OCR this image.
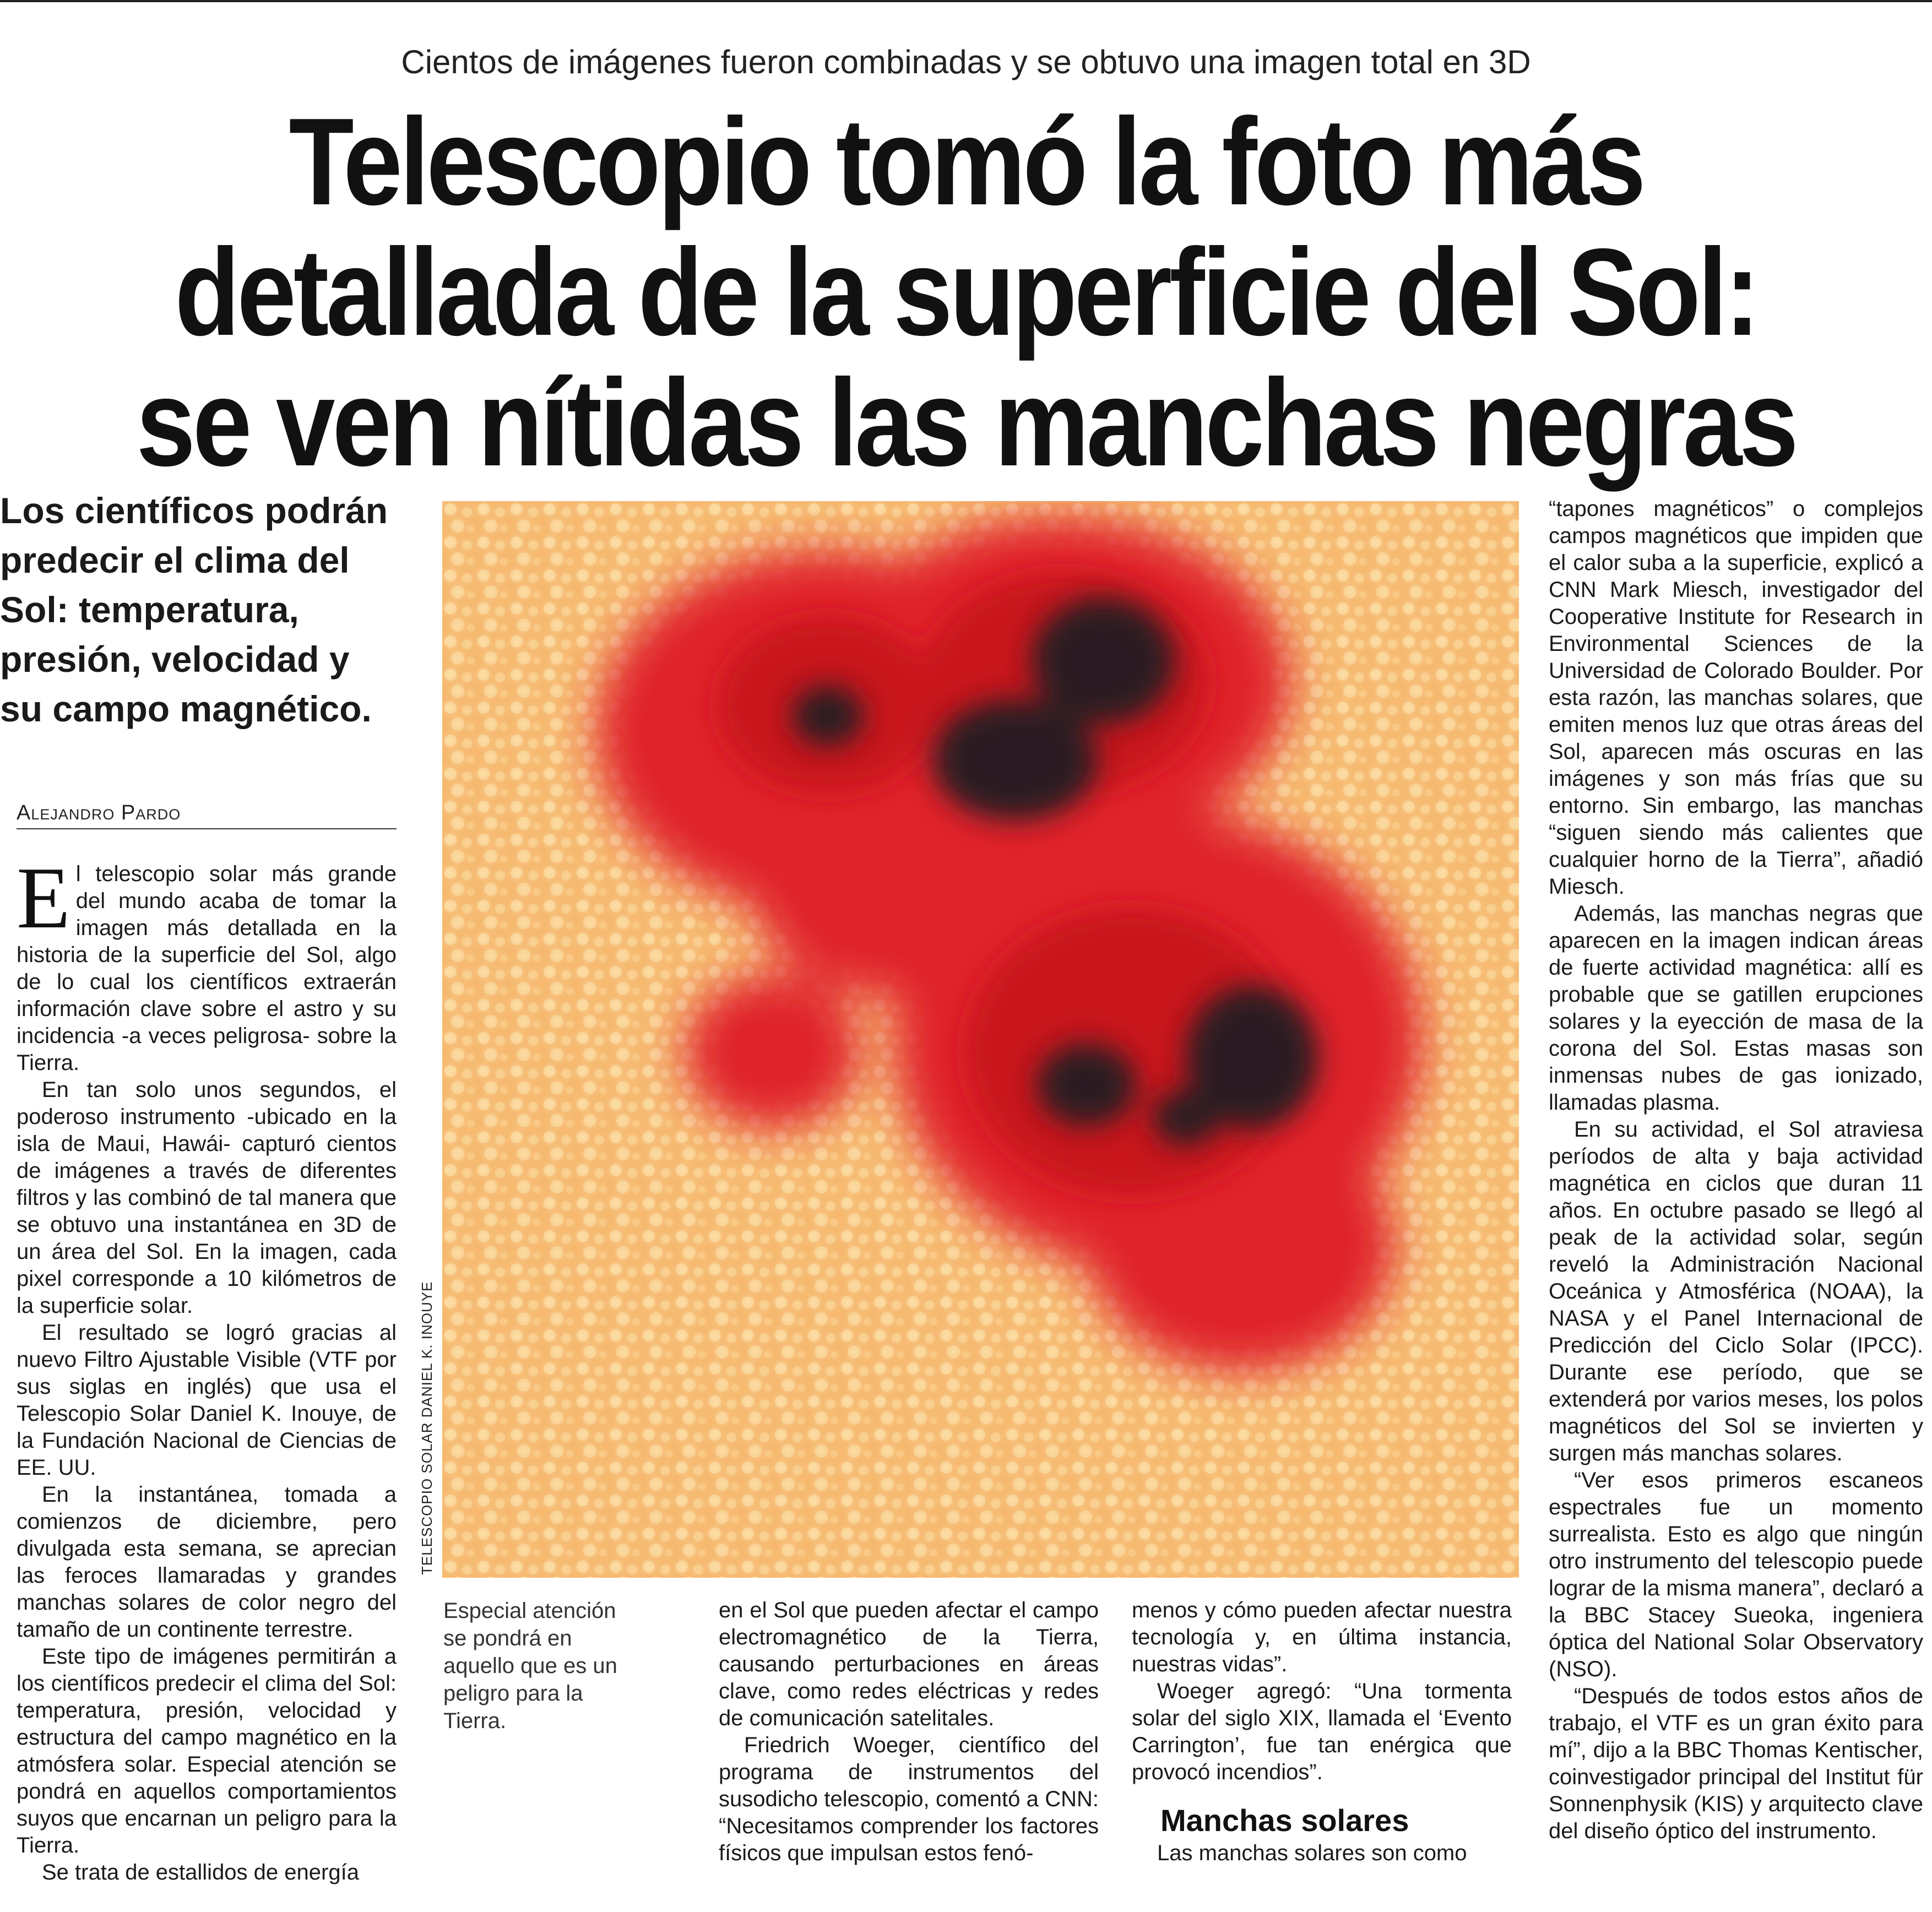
Cientos de imágenes fueron combinadas y se obtuvo una imagen total en 3D

Telescopio tomó la foto más
detallada de la superficie del Sol:
se ven nítidas las manchas negras

Los científicos podrán predecir el clima del Sol: temperatura, presión, velocidad y su campo magnético.

Alejandro Pardo

El telescopio solar más grande del mundo acaba de tomar la imagen más detallada en la historia de la superficie del Sol, algo de lo cual los científicos extraerán información clave sobre el astro y su incidencia -a veces peligrosa- sobre la Tierra.

En tan solo unos segundos, el poderoso instrumento -ubicado en la isla de Maui, Hawái- capturó cientos de imágenes a través de diferentes filtros y las combinó de tal manera que se obtuvo una instantánea en 3D de un área del Sol. En la imagen, cada pixel corresponde a 10 kilómetros de la superficie solar.

El resultado se logró gracias al nuevo Filtro Ajustable Visible (VTF por sus siglas en inglés) que usa el Telescopio Solar Daniel K. Inouye, de la Fundación Nacional de Ciencias de EE. UU.

En la instantánea, tomada a comienzos de diciembre, pero divulgada esta semana, se aprecian las feroces llamaradas y grandes manchas solares de color negro del tamaño de un continente terrestre.

Este tipo de imágenes permitirán a los científicos predecir el clima del Sol: temperatura, presión, velocidad y estructura del campo magnético en la atmósfera solar. Especial atención se pondrá en aquellos comportamientos suyos que encarnan un peligro para la Tierra.

Se trata de estallidos de energía

TELESCOPIO SOLAR DANIEL K. INOUYE

Especial atención se pondrá en aquello que es un peligro para la Tierra.

en el Sol que pueden afectar el campo electromagnético de la Tierra, causando perturbaciones en áreas clave, como redes eléctricas y redes de comunicación satelitales.

Friedrich Woeger, científico del programa de instrumentos del susodicho telescopio, comentó a CNN: “Necesitamos comprender los factores físicos que impulsan estos fenó-

menos y cómo pueden afectar nuestra tecnología y, en última instancia, nuestras vidas”.

Woeger agregó: “Una tormenta solar del siglo XIX, llamada el ‘Evento Carrington’, fue tan enérgica que provocó incendios”.

Manchas solares

Las manchas solares son como

“tapones magnéticos” o complejos campos magnéticos que impiden que el calor suba a la superficie, explicó a CNN Mark Miesch, investigador del Cooperative Institute for Research in Environmental Sciences de la Universidad de Colorado Boulder. Por esta razón, las manchas solares, que emiten menos luz que otras áreas del Sol, aparecen más oscuras en las imágenes y son más frías que su entorno. Sin embargo, las manchas “siguen siendo más calientes que cualquier horno de la Tierra”, añadió Miesch.

Además, las manchas negras que aparecen en la imagen indican áreas de fuerte actividad magnética: allí es probable que se gatillen erupciones solares y la eyección de masa de la corona del Sol. Estas masas son inmensas nubes de gas ionizado, llamadas plasma.

En su actividad, el Sol atraviesa períodos de alta y baja actividad magnética en ciclos que duran 11 años. En octubre pasado se llegó al peak de la actividad solar, según reveló la Administración Nacional Oceánica y Atmosférica (NOAA), la NASA y el Panel Internacional de Predicción del Ciclo Solar (IPCC). Durante ese período, que se extenderá por varios meses, los polos magnéticos del Sol se invierten y surgen más manchas solares.

“Ver esos primeros escaneos espectrales fue un momento surrealista. Esto es algo que ningún otro instrumento del telescopio puede lograr de la misma manera”, declaró a la BBC Stacey Sueoka, ingeniera óptica del National Solar Observatory (NSO).

“Después de todos estos años de trabajo, el VTF es un gran éxito para mí”, dijo a la BBC Thomas Kentischer, coinvestigador principal del Institut für Sonnenphysik (KIS) y arquitecto clave del diseño óptico del instrumento.
